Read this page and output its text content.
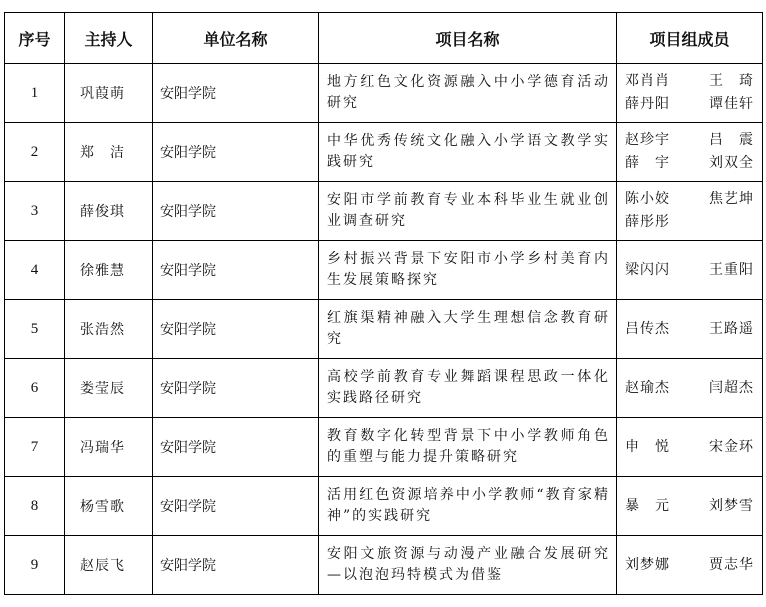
序号	主持人	单位名称	项目名称	项目组成员
1	巩葭萌	安阳学院	地方红色文化资源融入中小学德育活动研究	邓肖肖 王　琦
薛丹阳 谭佳轩

2	郑　洁	安阳学院	中华优秀传统文化融入小学语文教学实践研究	赵珍宇 吕　震
薛　宇 刘双全

3	薛俊琪	安阳学院	安阳市学前教育专业本科毕业生就业创业调查研究	陈小姣 焦艺坤
薛彤彤

4	徐雅慧	安阳学院	乡村振兴背景下安阳市小学乡村美育内生发展策略探究	梁闪闪 王重阳

5	张浩然	安阳学院	红旗渠精神融入大学生理想信念教育研究	吕传杰 王路遥

6	娄莹辰	安阳学院	高校学前教育专业舞蹈课程思政一体化实践路径研究	赵瑜杰 闫超杰

7	冯瑞华	安阳学院	教育数字化转型背景下中小学教师角色的重塑与能力提升策略研究	申　悦 宋金环

8	杨雪歌	安阳学院	活用红色资源培养中小学教师“教育家精神”的实践研究	暴　元 刘梦雪

9	赵辰飞	安阳学院	安阳文旅资源与动漫产业融合发展研究—以泡泡玛特模式为借鉴	刘梦娜 贾志华
